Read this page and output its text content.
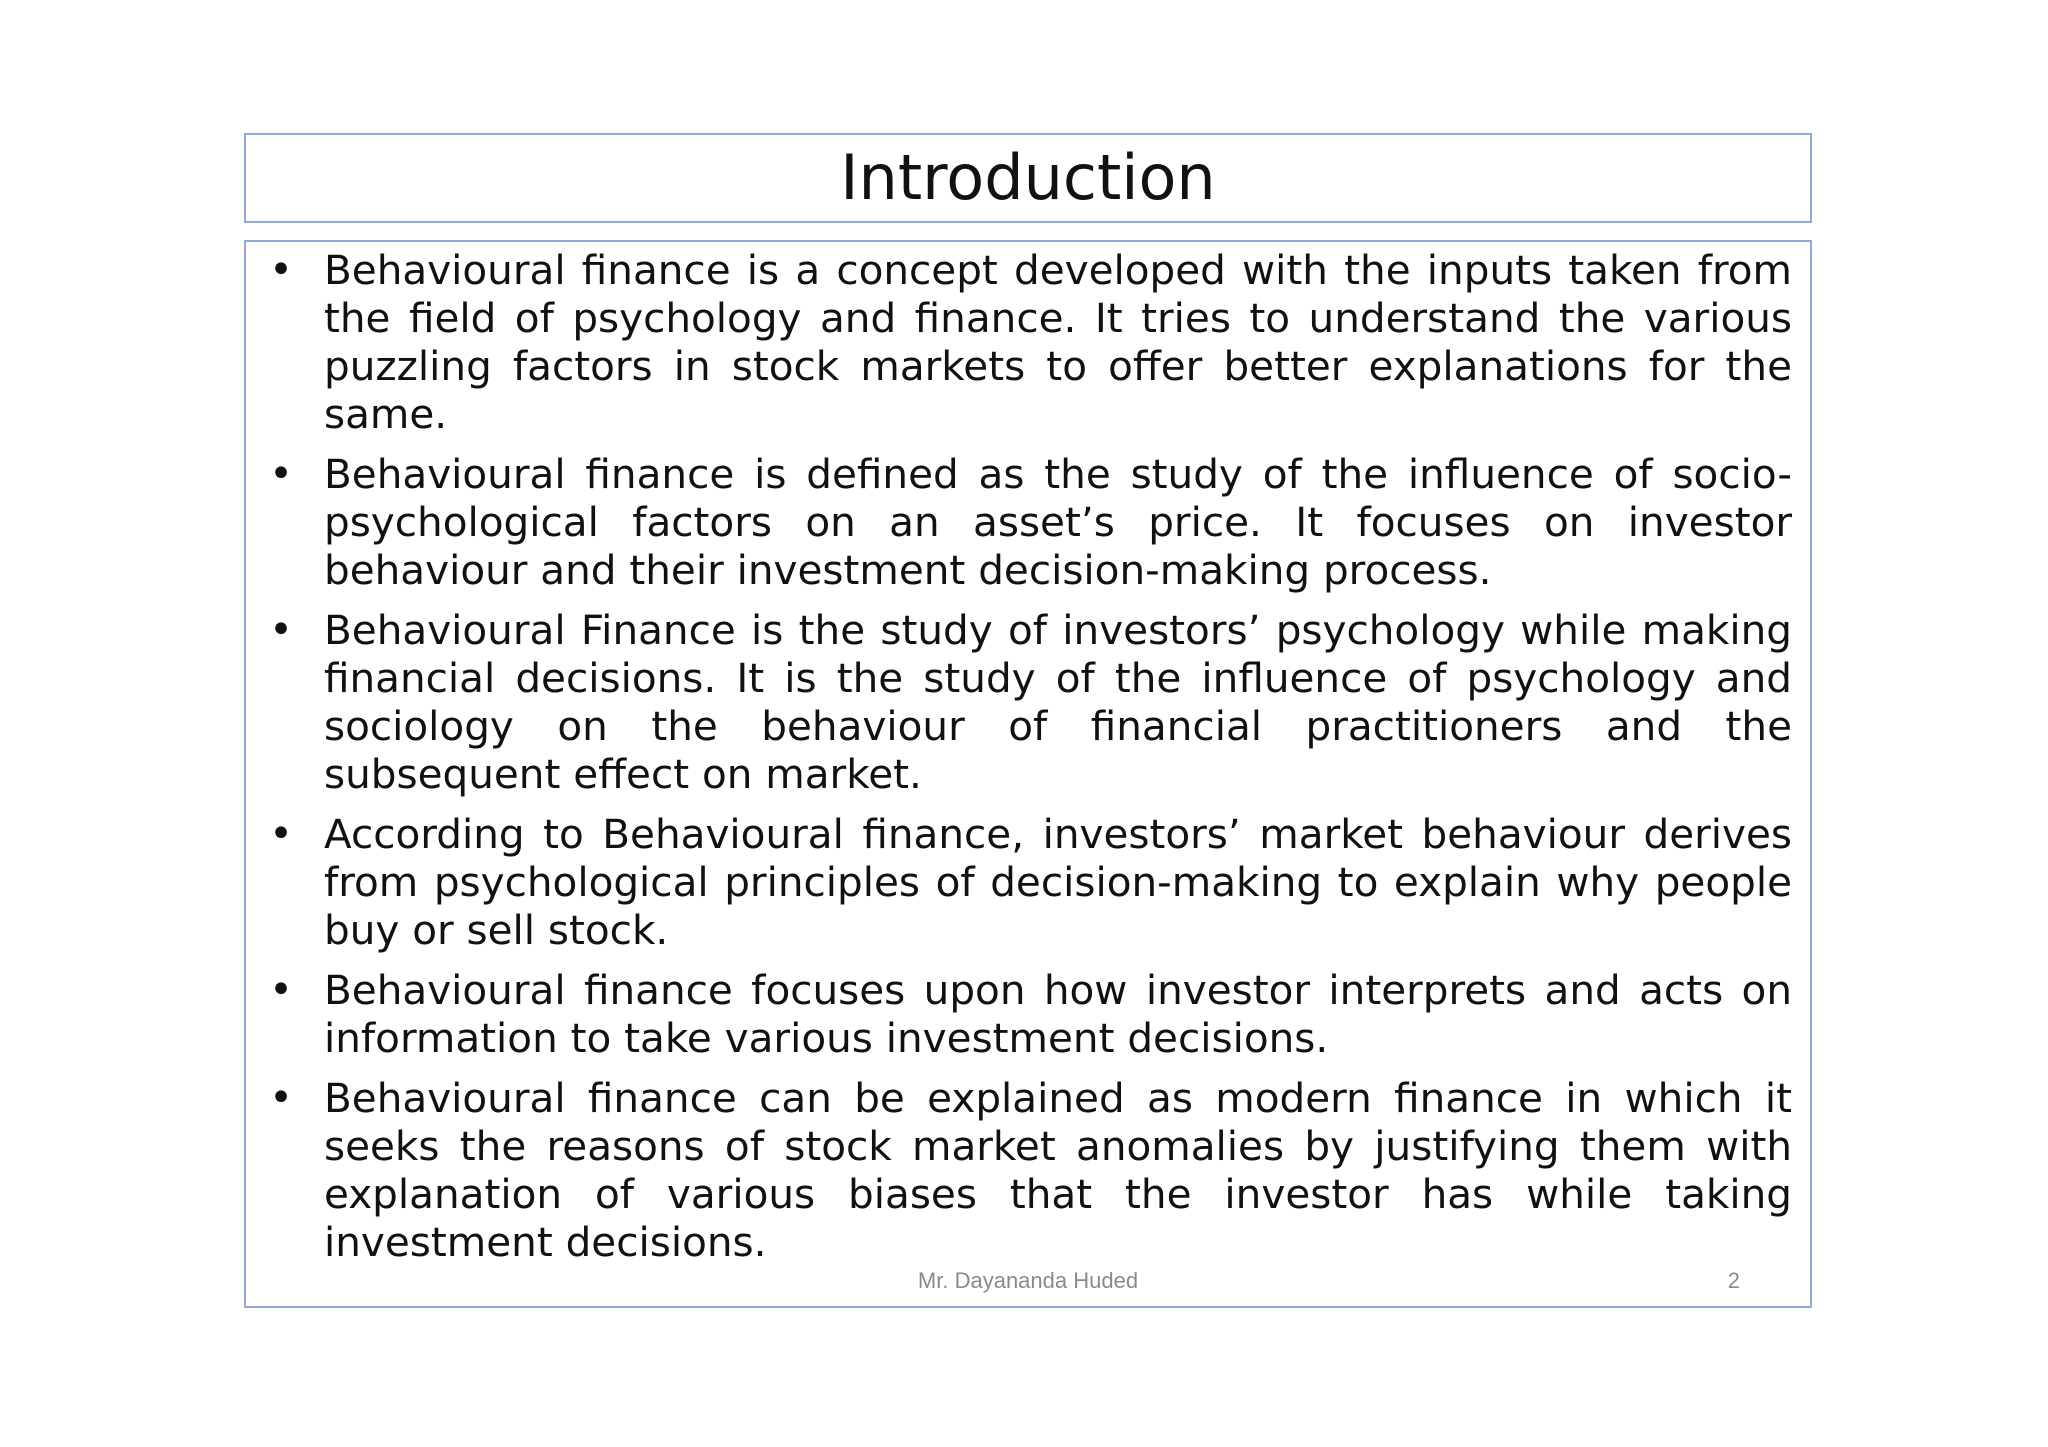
Introduction
• Behavioural finance is a concept developed with the inputs taken from the field of psychology and finance. It tries to understand the various puzzling factors in stock markets to offer better explanations for the same.
• Behavioural finance is defined as the study of the influence of socio-psychological factors on an asset’s price. It focuses on investor behaviour and their investment decision-making process.
• Behavioural Finance is the study of investors’ psychology while making financial decisions. It is the study of the influence of psychology and sociology on the behaviour of financial practitioners and the subsequent effect on market.
• According to Behavioural finance, investors’ market behaviour derives from psychological principles of decision-making to explain why people buy or sell stock.
• Behavioural finance focuses upon how investor interprets and acts on information to take various investment decisions.
• Behavioural finance can be explained as modern finance in which it seeks the reasons of stock market anomalies by justifying them with explanation of various biases that the investor has while taking investment decisions.
Mr. Dayananda Huded	2
